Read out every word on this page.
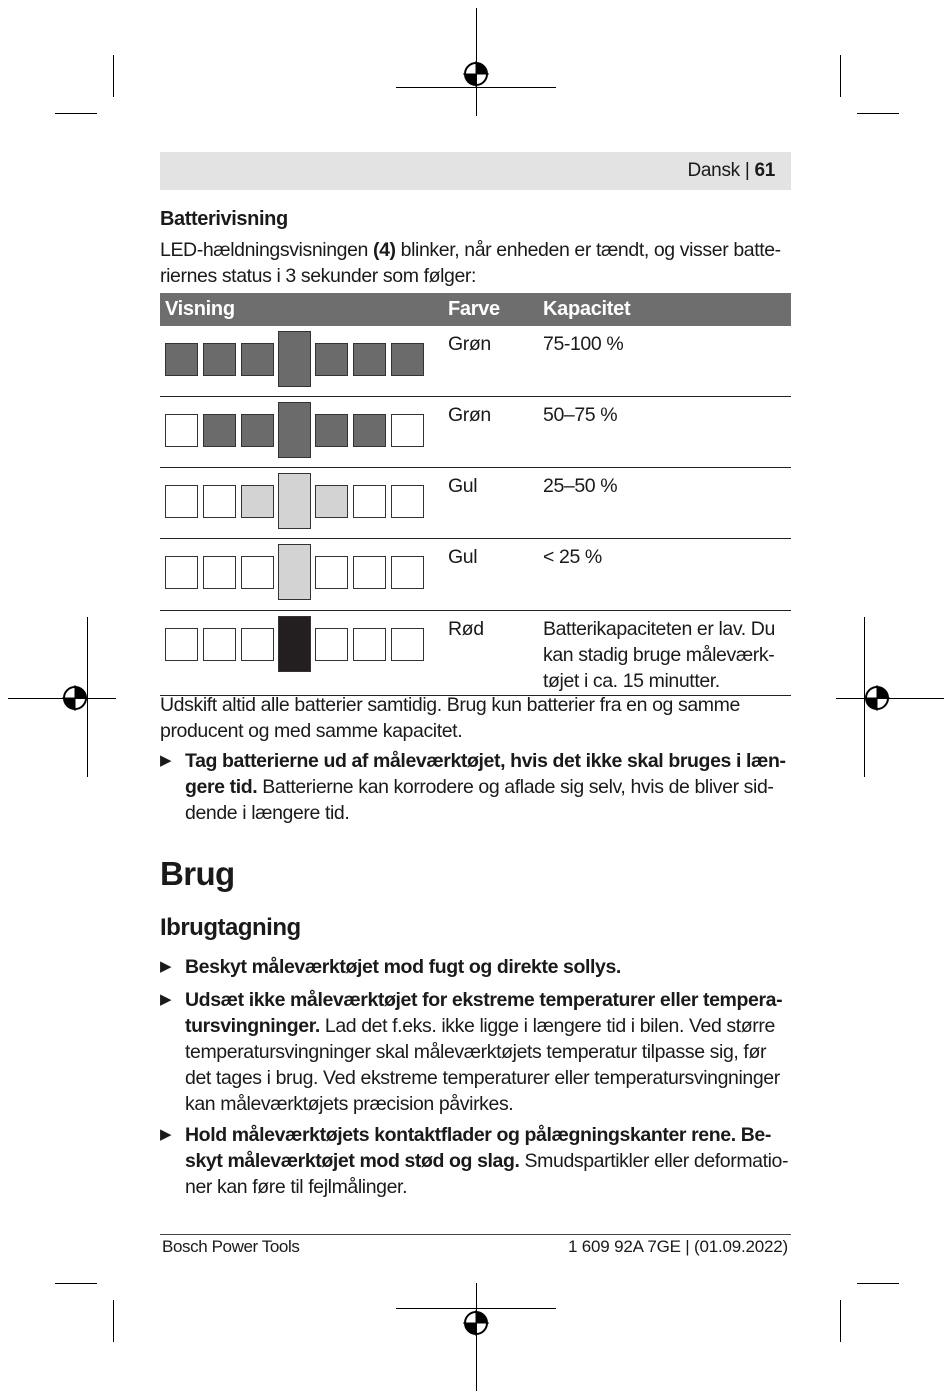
Dansk | 61
Batterivisning
LED-hældningsvisningen (4) blinker, når enheden er tændt, og visser batte-
riernes status i 3 sekunder som følger:
Visning	Farve Kapacitet
Grøn	75-100 %
Grøn	50–75 %
Gul	25–50 %
Gul	< 25 %
Rød	Batterikapaciteten er lav. Du
kan stadig bruge måleværk-
tøjet i ca. 15 minutter.
Udskift altid alle batterier samtidig. Brug kun batterier fra en og samme
producent og med samme kapacitet.
▶ Tag batterierne ud af måleværktøjet, hvis det ikke skal bruges i læn-
gere tid. Batterierne kan korrodere og aflade sig selv, hvis de bliver sid-
dende i længere tid.
Brug
Ibrugtagning
▶ Beskyt måleværktøjet mod fugt og direkte sollys.
▶ Udsæt ikke måleværktøjet for ekstreme temperaturer eller tempera-
tursvingninger. Lad det f.eks. ikke ligge i længere tid i bilen. Ved større
temperatursvingninger skal måleværktøjets temperatur tilpasse sig, før
det tages i brug. Ved ekstreme temperaturer eller temperatursvingninger
kan måleværktøjets præcision påvirkes.
▶ Hold måleværktøjets kontaktflader og pålægningskanter rene. Be-
skyt måleværktøjet mod stød og slag. Smudspartikler eller deformatio-
ner kan føre til fejlmålinger.
Bosch Power Tools	1 609 92A 7GE | (01.09.2022)
